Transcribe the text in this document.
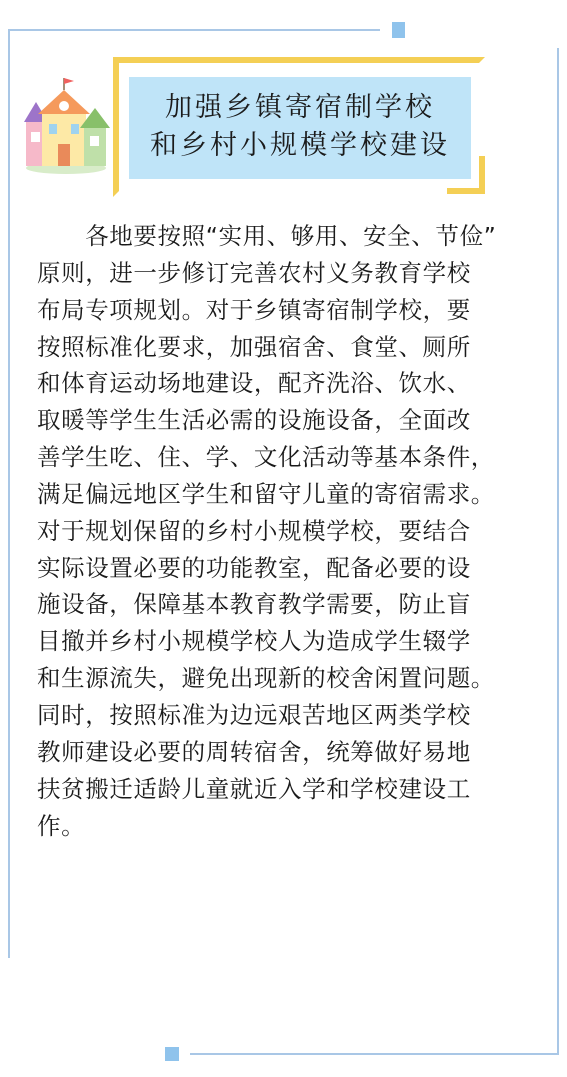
加强乡镇寄宿制学校
和乡村小规模学校建设
　　各地要按照“实用、够用、安全、节俭”
原则，进一步修订完善农村义务教育学校
布局专项规划。对于乡镇寄宿制学校，要
按照标准化要求，加强宿舍、食堂、厕所
和体育运动场地建设，配齐洗浴、饮水、
取暖等学生生活必需的设施设备，全面改
善学生吃、住、学、文化活动等基本条件，
满足偏远地区学生和留守儿童的寄宿需求。
对于规划保留的乡村小规模学校，要结合
实际设置必要的功能教室，配备必要的设
施设备，保障基本教育教学需要，防止盲
目撤并乡村小规模学校人为造成学生辍学
和生源流失，避免出现新的校舍闲置问题。
同时，按照标准为边远艰苦地区两类学校
教师建设必要的周转宿舍，统筹做好易地
扶贫搬迁适龄儿童就近入学和学校建设工
作。
